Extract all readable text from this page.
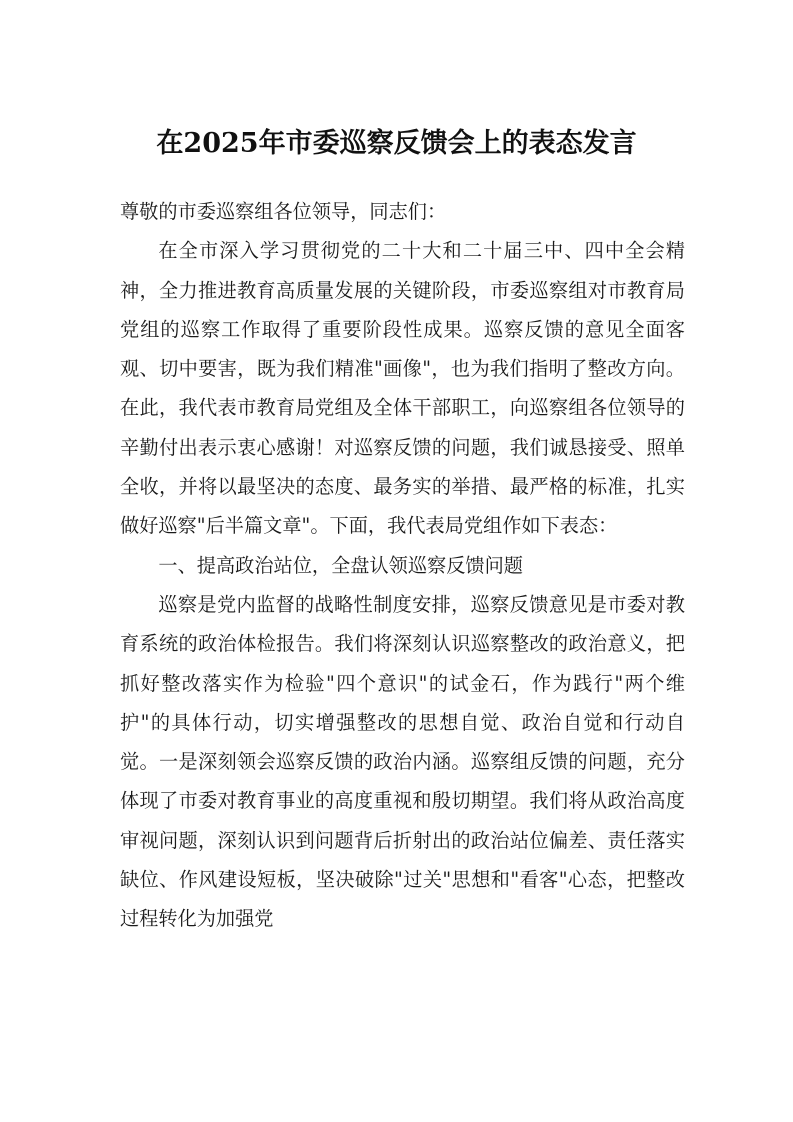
在2025年市委巡察反馈会上的表态发言

尊敬的市委巡察组各位领导，同志们：

在全市深入学习贯彻党的二十大和二十届三中、四中全会精神，全力推进教育高质量发展的关键阶段，市委巡察组对市教育局党组的巡察工作取得了重要阶段性成果。巡察反馈的意见全面客观、切中要害，既为我们精准"画像"，也为我们指明了整改方向。在此，我代表市教育局党组及全体干部职工，向巡察组各位领导的辛勤付出表示衷心感谢！对巡察反馈的问题，我们诚恳接受、照单全收，并将以最坚决的态度、最务实的举措、最严格的标准，扎实做好巡察"后半篇文章"。下面，我代表局党组作如下表态：

一、提高政治站位，全盘认领巡察反馈问题

巡察是党内监督的战略性制度安排，巡察反馈意见是市委对教育系统的政治体检报告。我们将深刻认识巡察整改的政治意义，把抓好整改落实作为检验"四个意识"的试金石，作为践行"两个维护"的具体行动，切实增强整改的思想自觉、政治自觉和行动自觉。一是深刻领会巡察反馈的政治内涵。巡察组反馈的问题，充分体现了市委对教育事业的高度重视和殷切期望。我们将从政治高度审视问题，深刻认识到问题背后折射出的政治站位偏差、责任落实缺位、作风建设短板，坚决破除"过关"思想和"看客"心态，把整改过程转化为加强党
